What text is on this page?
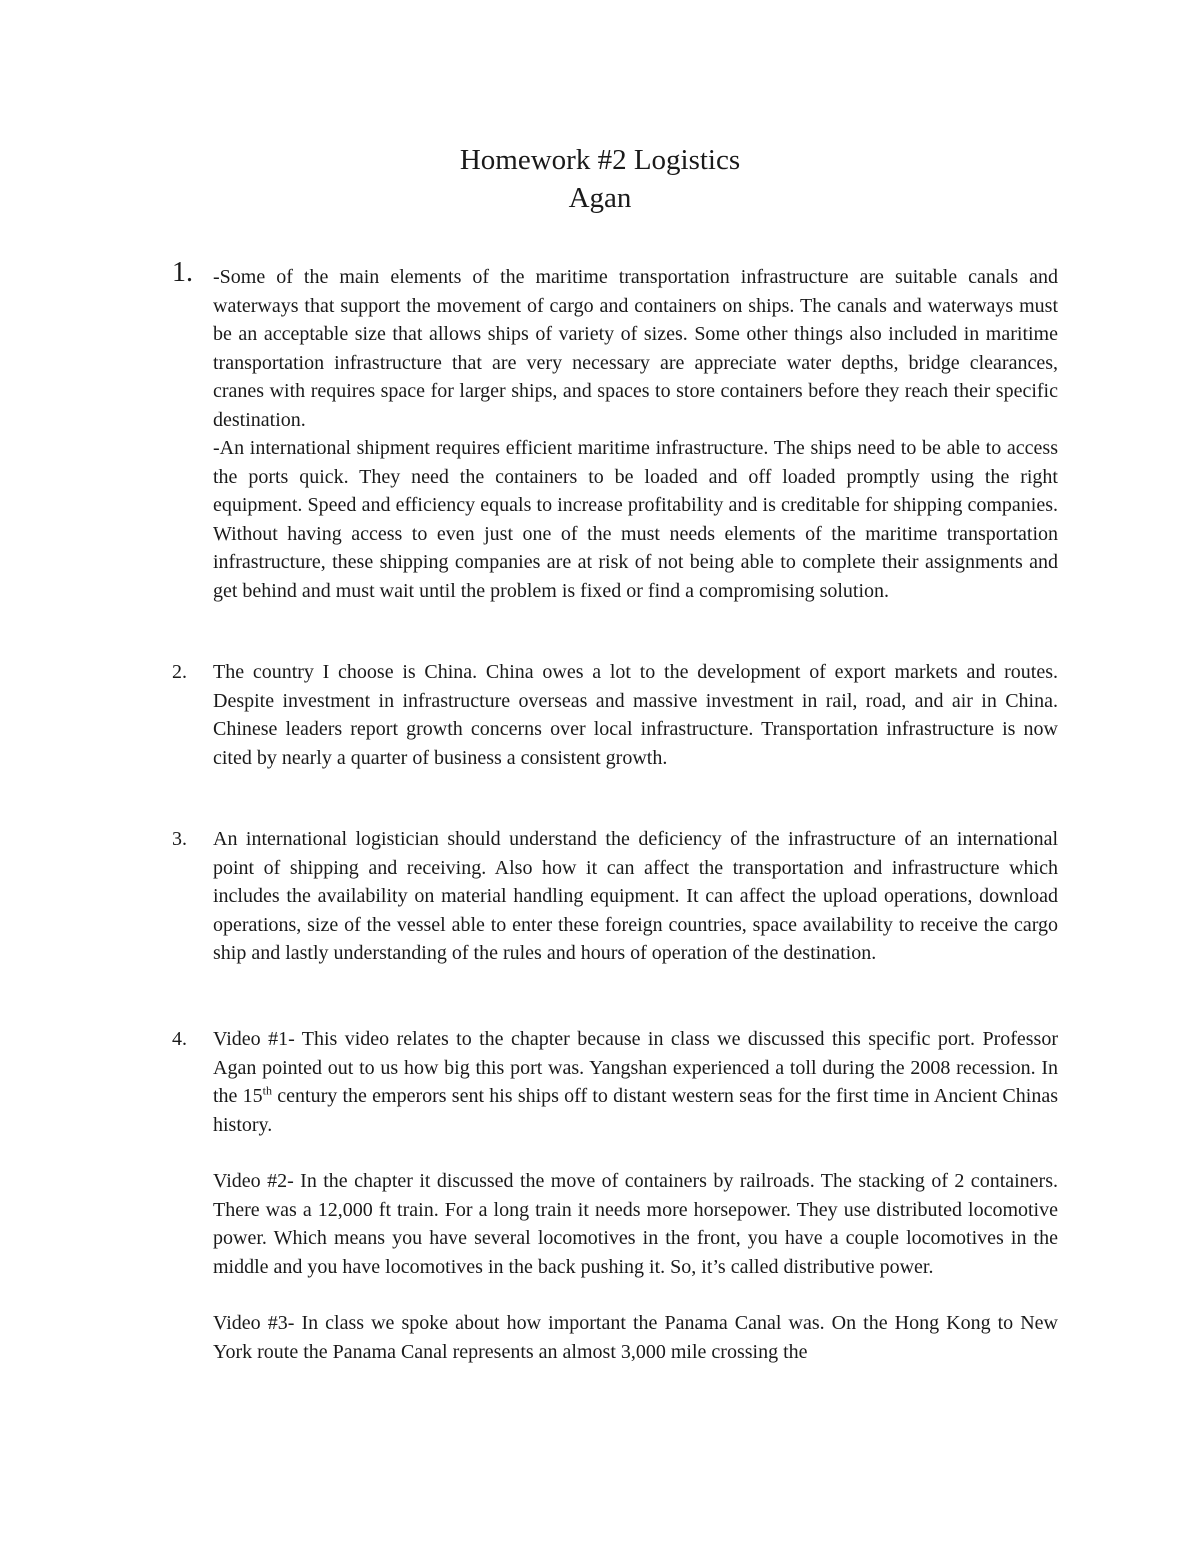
Homework #2 Logistics
Agan
1.	-Some of the main elements of the maritime transportation infrastructure are suitable canals and waterways that support the movement of cargo and containers on ships. The canals and waterways must be an acceptable size that allows ships of variety of sizes. Some other things also included in maritime transportation infrastructure that are very necessary are appreciate water depths, bridge clearances, cranes with requires space for larger ships, and spaces to store containers before they reach their specific destination.

-An international shipment requires efficient maritime infrastructure. The ships need to be able to access the ports quick. They need the containers to be loaded and off loaded promptly using the right equipment. Speed and efficiency equals to increase profitability and is creditable for shipping companies. Without having access to even just one of the must needs elements of the maritime transportation infrastructure, these shipping companies are at risk of not being able to complete their assignments and get behind and must wait until the problem is fixed or find a compromising solution.

2.	The country I choose is China. China owes a lot to the development of export markets and routes. Despite investment in infrastructure overseas and massive investment in rail, road, and air in China. Chinese leaders report growth concerns over local infrastructure. Transportation infrastructure is now cited by nearly a quarter of business a consistent growth.

3.	An international logistician should understand the deficiency of the infrastructure of an international point of shipping and receiving. Also how it can affect the transportation and infrastructure which includes the availability on material handling equipment. It can affect the upload operations, download operations, size of the vessel able to enter these foreign countries, space availability to receive the cargo ship and lastly understanding of the rules and hours of operation of the destination.

4.	Video #1- This video relates to the chapter because in class we discussed this specific port. Professor Agan pointed out to us how big this port was. Yangshan experienced a toll during the 2008 recession. In the 15th century the emperors sent his ships off to distant western seas for the first time in Ancient Chinas history.

Video #2- In the chapter it discussed the move of containers by railroads. The stacking of 2 containers. There was a 12,000 ft train. For a long train it needs more horsepower. They use distributed locomotive power. Which means you have several locomotives in the front, you have a couple locomotives in the middle and you have locomotives in the back pushing it. So, it’s called distributive power.

Video #3- In class we spoke about how important the Panama Canal was. On the Hong Kong to New York route the Panama Canal represents an almost 3,000 mile crossing the
